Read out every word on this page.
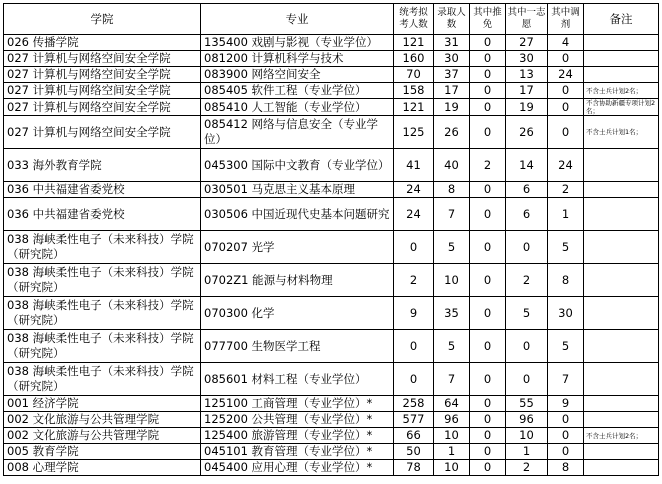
学院	专业	统考拟考人数	录取人数	其中推免	其中一志愿	其中调剂	备注
026 传播学院	135400 戏剧与影视（专业学位）	121	31	0	27	4	
027 计算机与网络空间安全学院	081200 计算机科学与技术	160	30	0	30	0	
027 计算机与网络空间安全学院	083900 网络空间安全	70	37	0	13	24	
027 计算机与网络空间安全学院	085405 软件工程（专业学位）	158	17	0	17	0	不含士兵计划2名；
027 计算机与网络空间安全学院	085410 人工智能（专业学位）	121	19	0	19	0	不含协助新疆专项计划2名；
027 计算机与网络空间安全学院	085412 网络与信息安全（专业学位）	125	26	0	26	0	不含士兵计划1名；
033 海外教育学院	045300 国际中文教育（专业学位）	41	40	2	14	24	
036 中共福建省委党校	030501 马克思主义基本原理	24	8	0	6	2	
036 中共福建省委党校	030506 中国近现代史基本问题研究	24	7	0	6	1	
038 海峡柔性电子（未来科技）学院（研究院）	070207 光学	0	5	0	0	5	
038 海峡柔性电子（未来科技）学院（研究院）	0702Z1 能源与材料物理	2	10	0	2	8	
038 海峡柔性电子（未来科技）学院（研究院）	070300 化学	9	35	0	5	30	
038 海峡柔性电子（未来科技）学院（研究院）	077700 生物医学工程	0	5	0	0	5	
038 海峡柔性电子（未来科技）学院（研究院）	085601 材料工程（专业学位）	0	7	0	0	7	
001 经济学院	125100 工商管理（专业学位）*	258	64	0	55	9	
002 文化旅游与公共管理学院	125200 公共管理（专业学位）*	577	96	0	96	0	
002 文化旅游与公共管理学院	125400 旅游管理（专业学位）*	66	10	0	10	0	不含士兵计划2名；
005 教育学院	045101 教育管理（专业学位）*	50	1	0	1	0	
008 心理学院	045400 应用心理（专业学位）*	78	10	0	2	8	
